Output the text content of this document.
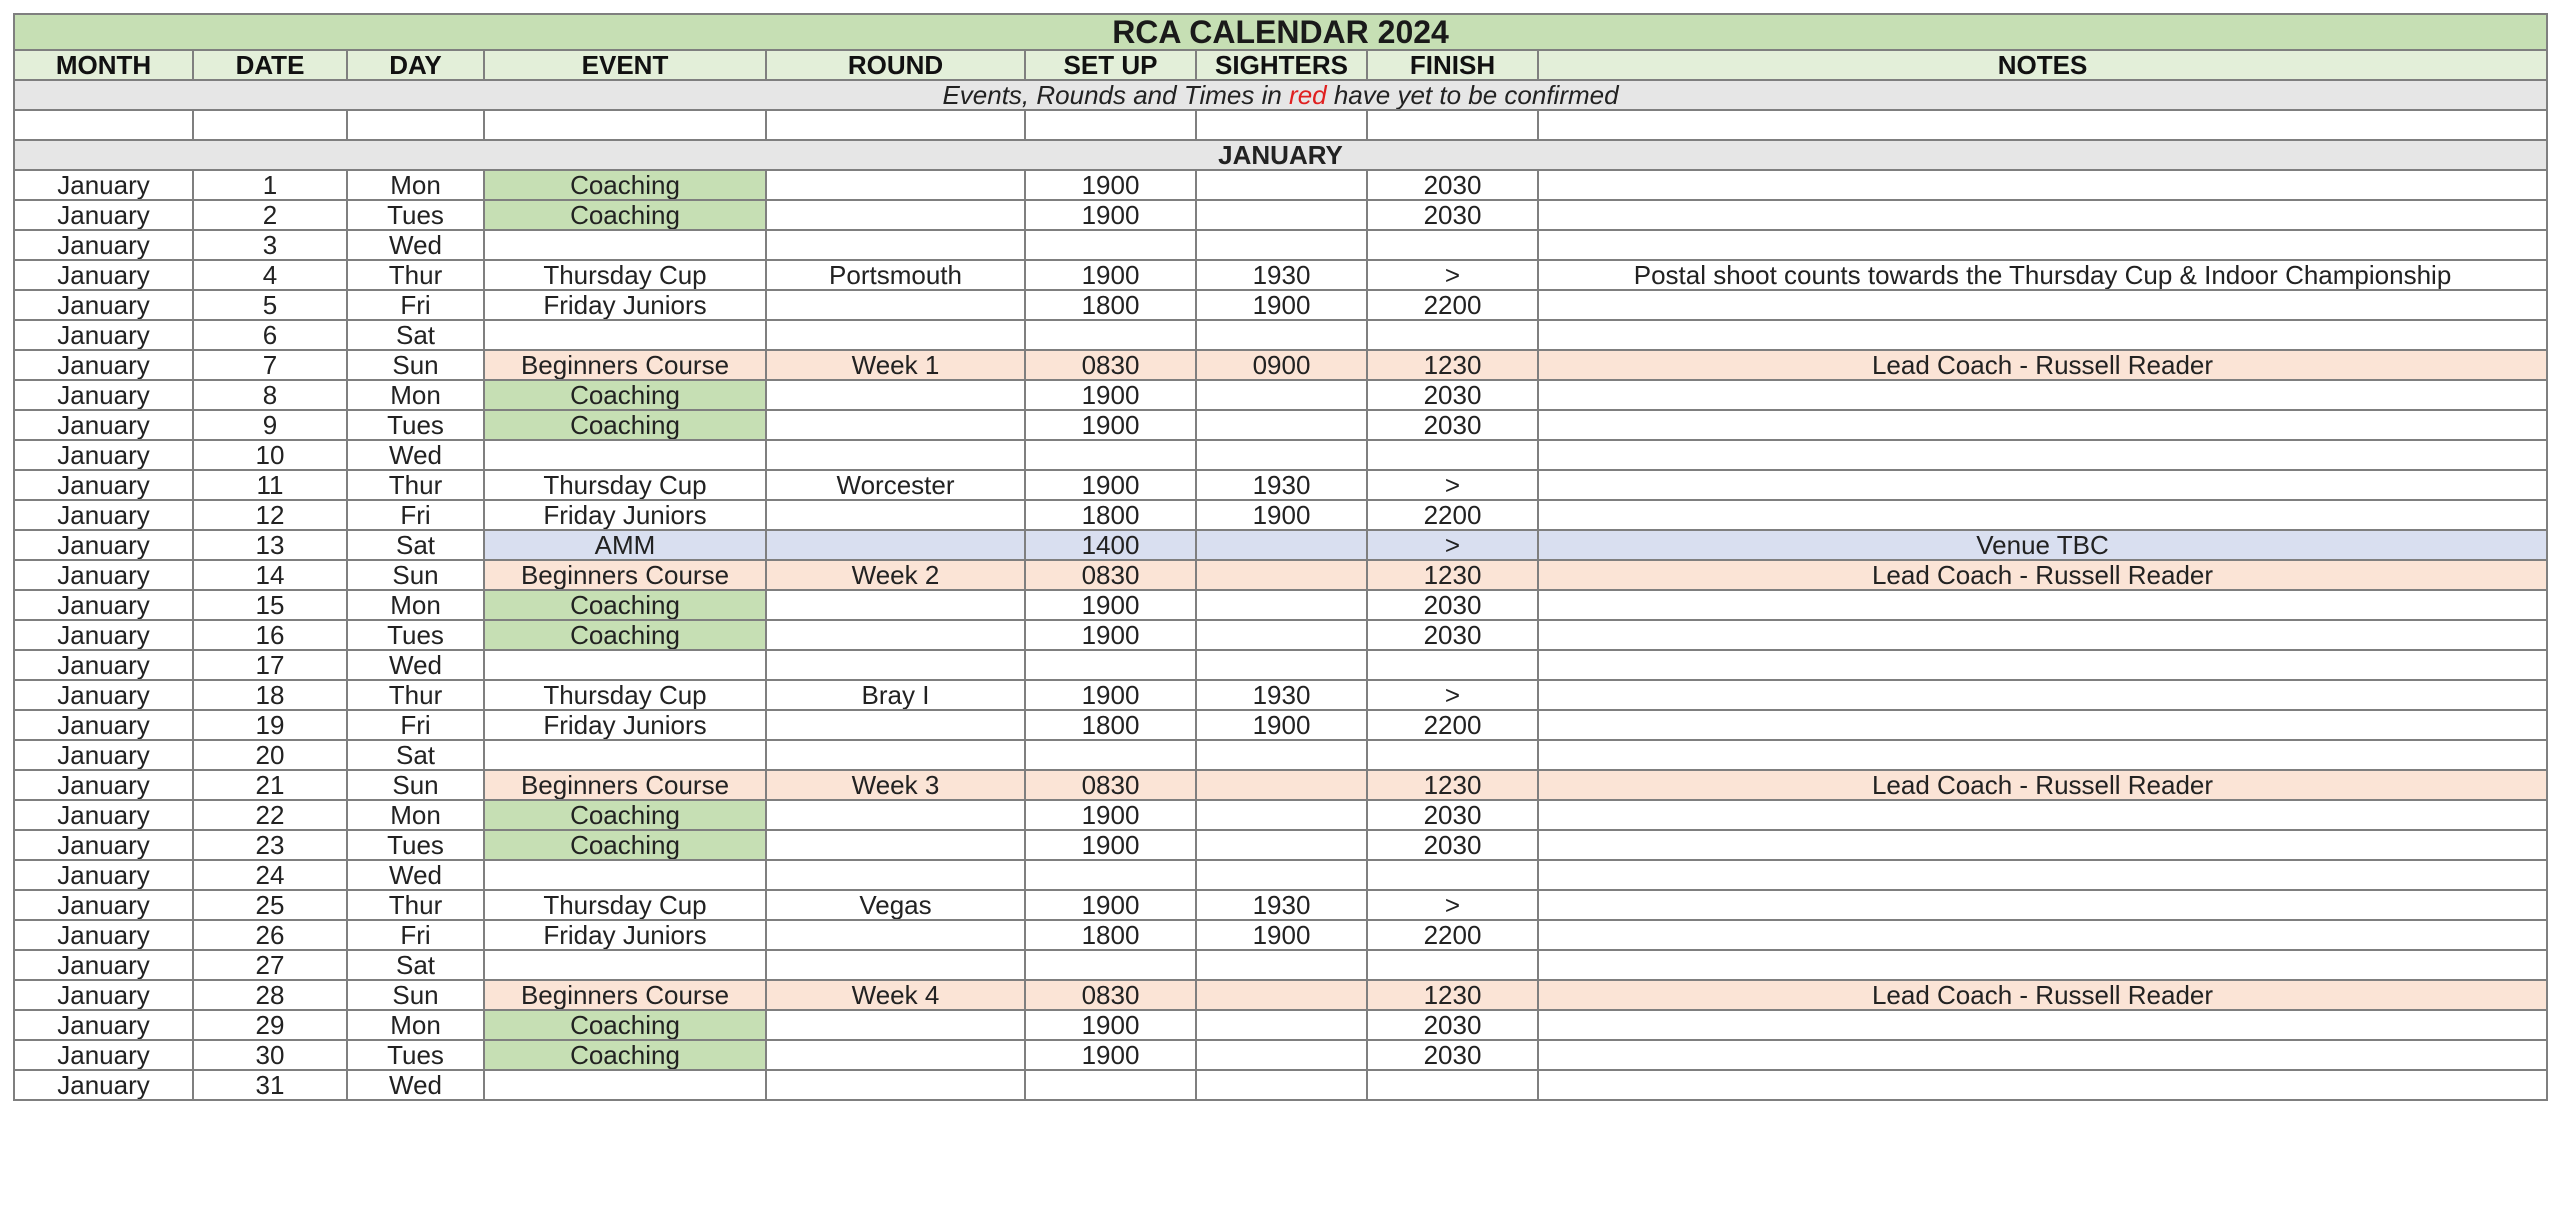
RCA CALENDAR 2024								
MONTH	DATE	DAY	EVENT	ROUND	SET UP	SIGHTERS	FINISH	NOTES
Events, Rounds and Times in red have yet to be confirmed								

JANUARY								
January	1	Mon	Coaching		1900		2030	
January	2	Tues	Coaching		1900		2030	
January	3	Wed						
January	4	Thur	Thursday Cup	Portsmouth	1900	1930	>	Postal shoot counts towards the Thursday Cup & Indoor Championship
January	5	Fri	Friday Juniors		1800	1900	2200	
January	6	Sat						
January	7	Sun	Beginners Course	Week 1	0830	0900	1230	Lead Coach - Russell Reader
January	8	Mon	Coaching		1900		2030	
January	9	Tues	Coaching		1900		2030	
January	10	Wed						
January	11	Thur	Thursday Cup	Worcester	1900	1930	>	
January	12	Fri	Friday Juniors		1800	1900	2200	
January	13	Sat	AMM		1400		>	Venue TBC
January	14	Sun	Beginners Course	Week 2	0830		1230	Lead Coach - Russell Reader
January	15	Mon	Coaching		1900		2030	
January	16	Tues	Coaching		1900		2030	
January	17	Wed						
January	18	Thur	Thursday Cup	Bray I	1900	1930	>	
January	19	Fri	Friday Juniors		1800	1900	2200	
January	20	Sat						
January	21	Sun	Beginners Course	Week 3	0830		1230	Lead Coach - Russell Reader
January	22	Mon	Coaching		1900		2030	
January	23	Tues	Coaching		1900		2030	
January	24	Wed						
January	25	Thur	Thursday Cup	Vegas	1900	1930	>	
January	26	Fri	Friday Juniors		1800	1900	2200	
January	27	Sat						
January	28	Sun	Beginners Course	Week 4	0830		1230	Lead Coach - Russell Reader
January	29	Mon	Coaching		1900		2030	
January	30	Tues	Coaching		1900		2030	
January	31	Wed						
